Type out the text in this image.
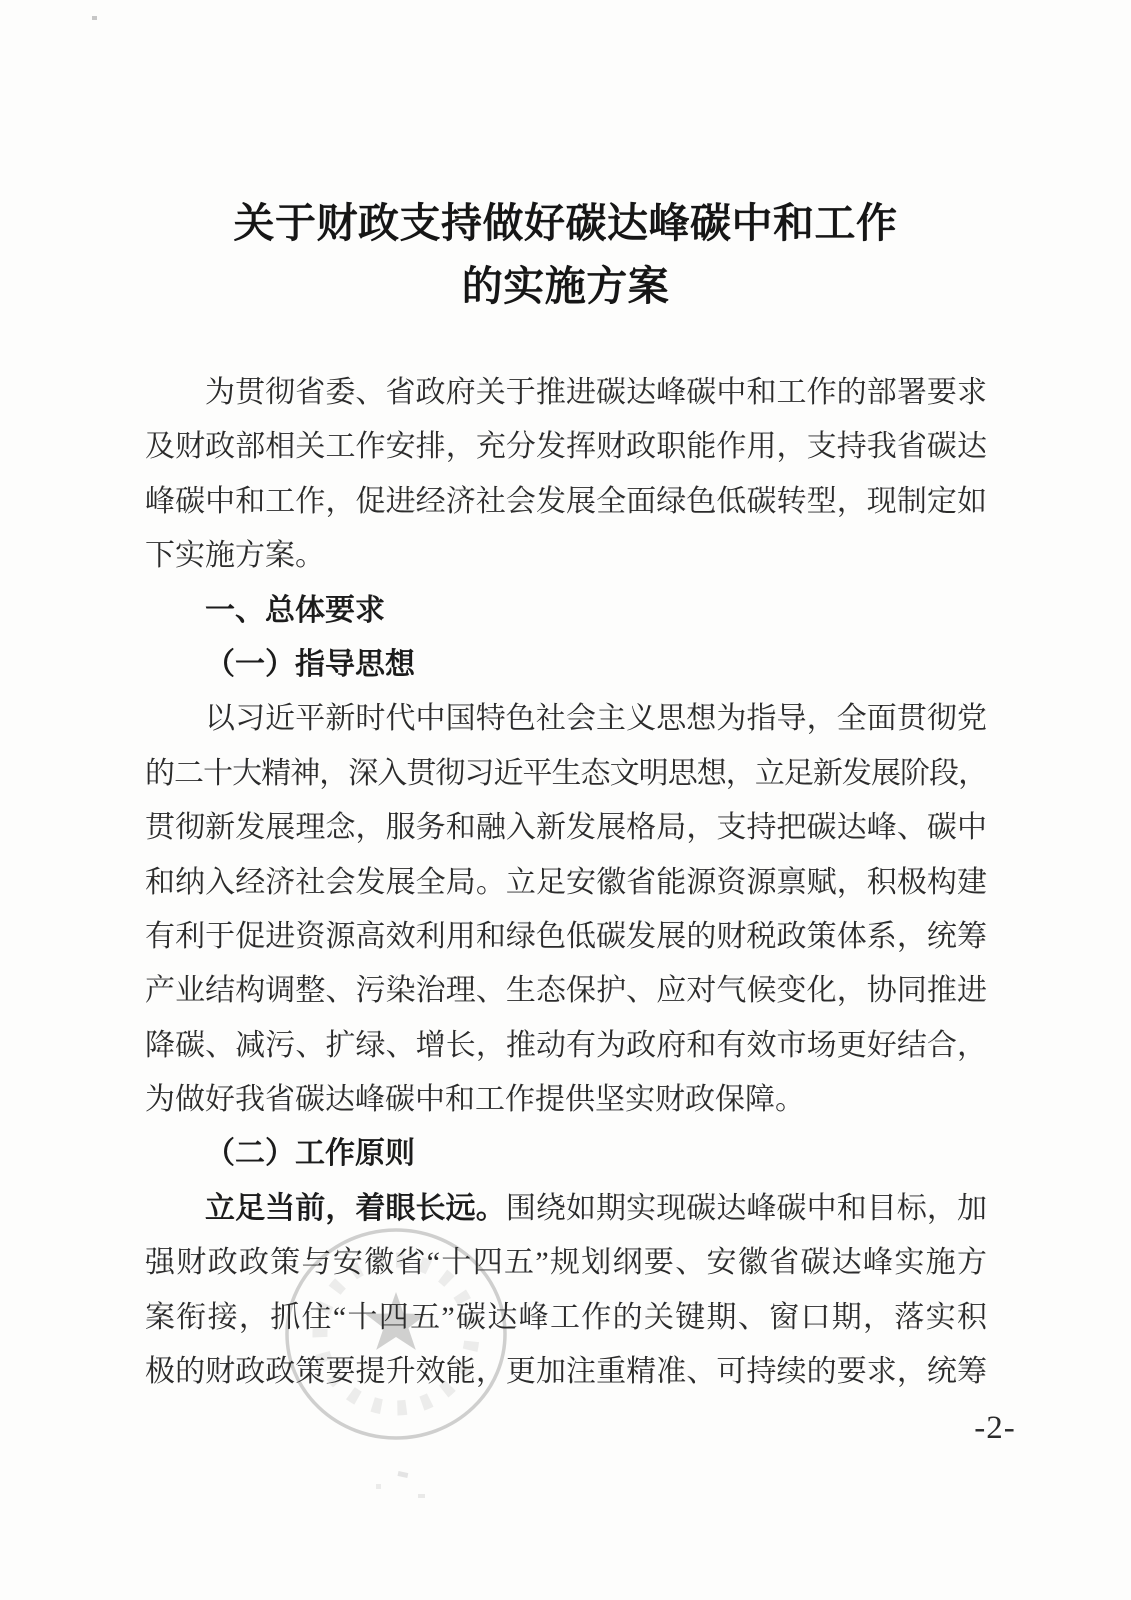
关于财政支持做好碳达峰碳中和工作
的实施方案
为贯彻省委、省政府关于推进碳达峰碳中和工作的部署要求
及财政部相关工作安排，充分发挥财政职能作用，支持我省碳达
峰碳中和工作，促进经济社会发展全面绿色低碳转型，现制定如
下实施方案。
一、总体要求
（一）指导思想
以习近平新时代中国特色社会主义思想为指导，全面贯彻党
的二十大精神，深入贯彻习近平生态文明思想，立足新发展阶段，
贯彻新发展理念，服务和融入新发展格局，支持把碳达峰、碳中
和纳入经济社会发展全局。立足安徽省能源资源禀赋，积极构建
有利于促进资源高效利用和绿色低碳发展的财税政策体系，统筹
产业结构调整、污染治理、生态保护、应对气候变化，协同推进
降碳、减污、扩绿、增长，推动有为政府和有效市场更好结合，
为做好我省碳达峰碳中和工作提供坚实财政保障。
（二）工作原则
立足当前，着眼长远。围绕如期实现碳达峰碳中和目标，加
强财政政策与安徽省“十四五”规划纲要、安徽省碳达峰实施方
案衔接，抓住“十四五”碳达峰工作的关键期、窗口期，落实积
极的财政政策要提升效能，更加注重精准、可持续的要求，统筹
-2-
